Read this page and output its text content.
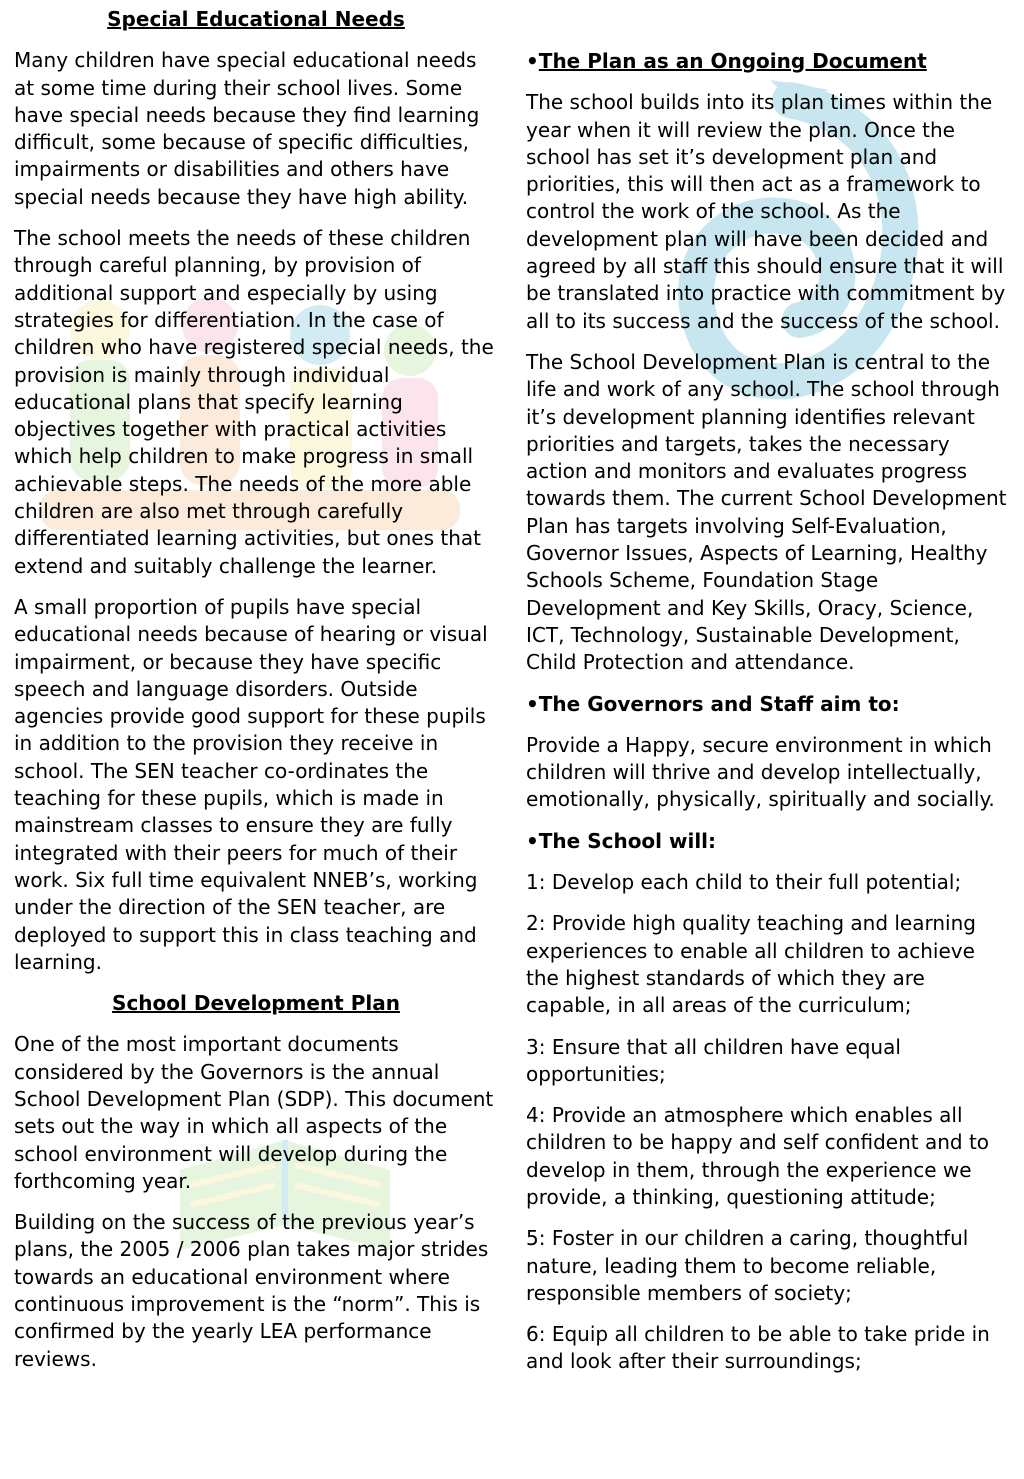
Special Educational Needs

Many children have special educational needs at some time during their school lives. Some have special needs because they find learning difficult, some because of specific difficulties, impairments or disabilities and others have special needs because they have high ability.

The school meets the needs of these children through careful planning, by provision of additional support and especially by using strategies for differentiation. In the case of children who have registered special needs, the provision is mainly through individual educational plans that specify learning objectives together with practical activities which help children to make progress in small achievable steps. The needs of the more able children are also met through carefully differentiated learning activities, but ones that extend and suitably challenge the learner.

A small proportion of pupils have special educational needs because of hearing or visual impairment, or because they have specific speech and language disorders. Outside agencies provide good support for these pupils in addition to the provision they receive in school. The SEN teacher co-ordinates the teaching for these pupils, which is made in mainstream classes to ensure they are fully integrated with their peers for much of their work. Six full time equivalent NNEB’s, working under the direction of the SEN teacher, are deployed to support this in class teaching and learning.

School Development Plan

One of the most important documents considered by the Governors is the annual School Development Plan (SDP). This document sets out the way in which all aspects of the school environment will develop during the forthcoming year.

Building on the success of the previous year’s plans, the 2005 / 2006 plan takes major strides towards an educational environment where continuous improvement is the “norm”. This is confirmed by the yearly LEA performance reviews.

•The Plan as an Ongoing Document

The school builds into its plan times within the year when it will review the plan. Once the school has set it’s development plan and priorities, this will then act as a framework to control the work of the school. As the development plan will have been decided and agreed by all staff this should ensure that it will be translated into practice with commitment by all to its success and the success of the school.

The School Development Plan is central to the life and work of any school. The school through it’s development planning identifies relevant priorities and targets, takes the necessary action and monitors and evaluates progress towards them. The current School Development Plan has targets involving Self-Evaluation, Governor Issues, Aspects of Learning, Healthy Schools Scheme, Foundation Stage Development and Key Skills, Oracy, Science, ICT, Technology, Sustainable Development, Child Protection and attendance.

•The Governors and Staff aim to:

Provide a Happy, secure environment in which children will thrive and develop intellectually, emotionally, physically, spiritually and socially.

•The School will:

1: Develop each child to their full potential;

2: Provide high quality teaching and learning experiences to enable all children to achieve the highest standards of which they are capable, in all areas of the curriculum;

3: Ensure that all children have equal opportunities;

4: Provide an atmosphere which enables all children to be happy and self confident and to develop in them, through the experience we provide, a thinking, questioning attitude;

5: Foster in our children a caring, thoughtful nature, leading them to become reliable, responsible members of society;

6: Equip all children to be able to take pride in and look after their surroundings;
